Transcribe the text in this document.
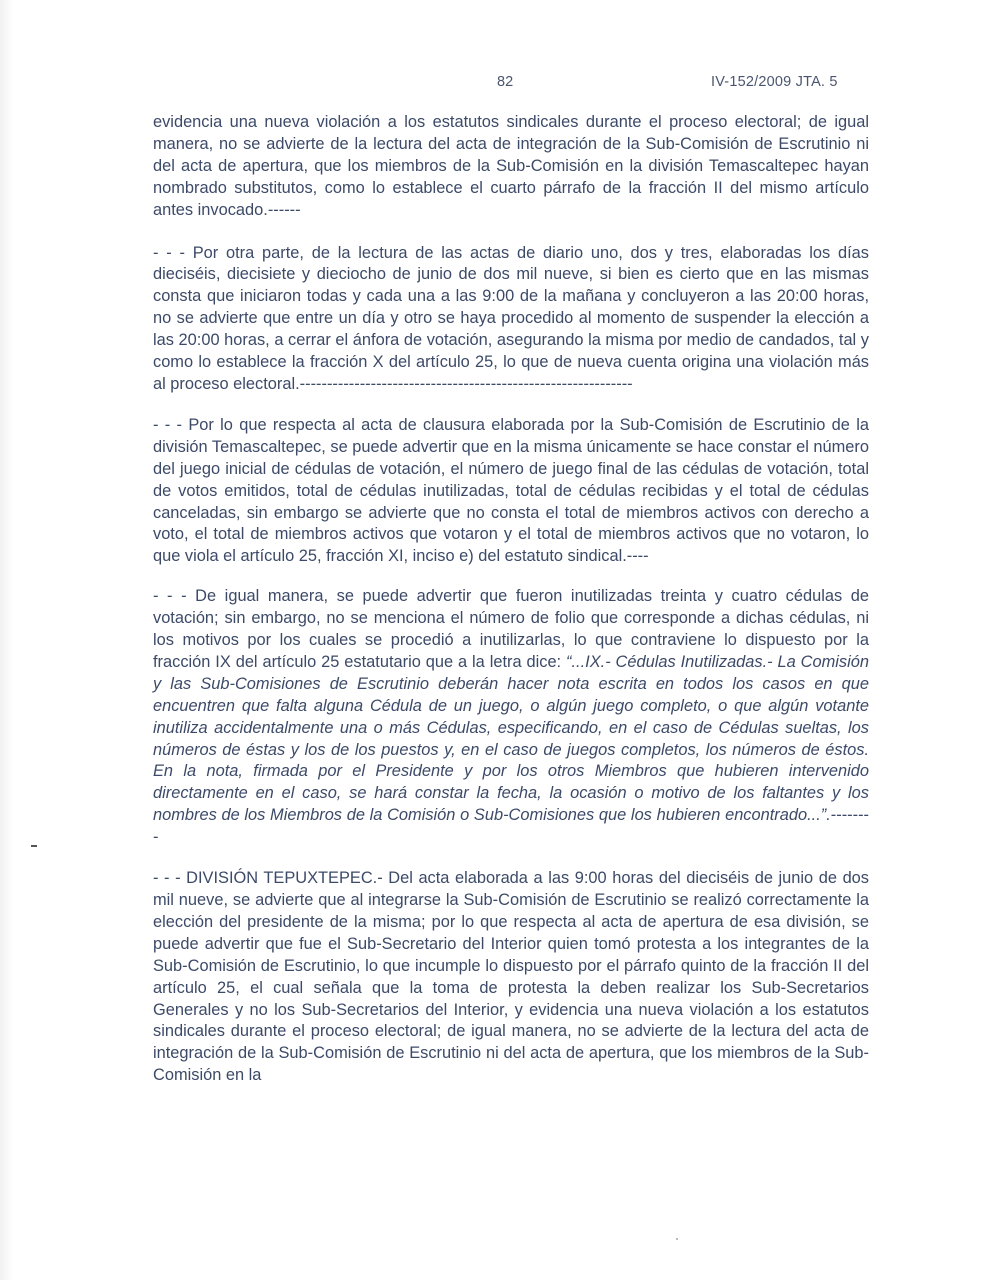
82	IV-152/2009 JTA. 5

evidencia una nueva violación a los estatutos sindicales durante el proceso electoral; de igual manera, no se advierte de la lectura del acta de integración de la Sub-Comisión de Escrutinio ni del acta de apertura, que los miembros de la Sub-Comisión en la división Temascaltepec hayan nombrado substitutos, como lo establece el cuarto párrafo de la fracción II del mismo artículo antes invocado.------

- - - Por otra parte, de la lectura de las actas de diario uno, dos y tres, elaboradas los días dieciséis, diecisiete y dieciocho de junio de dos mil nueve, si bien es cierto que en las mismas consta que iniciaron todas y cada una a las 9:00 de la mañana y concluyeron a las 20:00 horas, no se advierte que entre un día y otro se haya procedido al momento de suspender la elección a las 20:00 horas, a cerrar el ánfora de votación, asegurando la misma por medio de candados, tal y como lo establece la fracción X del artículo 25, lo que de nueva cuenta origina una violación más al proceso electoral.-------------------------------------------------------------

- - - Por lo que respecta al acta de clausura elaborada por la Sub-Comisión de Escrutinio de la división Temascaltepec, se puede advertir que en la misma únicamente se hace constar el número del juego inicial de cédulas de votación, el número de juego final de las cédulas de votación, total de votos emitidos, total de cédulas inutilizadas, total de cédulas recibidas y el total de cédulas canceladas, sin embargo se advierte que no consta el total de miembros activos con derecho a voto, el total de miembros activos que votaron y el total de miembros activos que no votaron, lo que viola el artículo 25, fracción XI, inciso e) del estatuto sindical.----

- - - De igual manera, se puede advertir que fueron inutilizadas treinta y cuatro cédulas de votación; sin embargo, no se menciona el número de folio que corresponde a dichas cédulas, ni los motivos por los cuales se procedió a inutilizarlas, lo que contraviene lo dispuesto por la fracción IX del artículo 25 estatutario que a la letra dice: “...IX.- Cédulas Inutilizadas.- La Comisión y las Sub-Comisiones de Escrutinio deberán hacer nota escrita en todos los casos en que encuentren que falta alguna Cédula de un juego, o algún juego completo, o que algún votante inutiliza accidentalmente una o más Cédulas, especificando, en el caso de Cédulas sueltas, los números de éstas y los de los puestos y, en el caso de juegos completos, los números de éstos. En la nota, firmada por el Presidente y por los otros Miembros que hubieren intervenido directamente en el caso, se hará constar la fecha, la ocasión o motivo de los faltantes y los nombres de los Miembros de la Comisión o Sub-Comisiones que los hubieren encontrado...”.--------

- - - DIVISIÓN TEPUXTEPEC.- Del acta elaborada a las 9:00 horas del dieciséis de junio de dos mil nueve, se advierte que al integrarse la Sub-Comisión de Escrutinio se realizó correctamente la elección del presidente de la misma; por lo que respecta al acta de apertura de esa división, se puede advertir que fue el Sub-Secretario del Interior quien tomó protesta a los integrantes de la Sub-Comisión de Escrutinio, lo que incumple lo dispuesto por el párrafo quinto de la fracción II del artículo 25, el cual señala que la toma de protesta la deben realizar los Sub-Secretarios Generales y no los Sub-Secretarios del Interior, y evidencia una nueva violación a los estatutos sindicales durante el proceso electoral; de igual manera, no se advierte de la lectura del acta de integración de la Sub-Comisión de Escrutinio ni del acta de apertura, que los miembros de la Sub-Comisión en la
